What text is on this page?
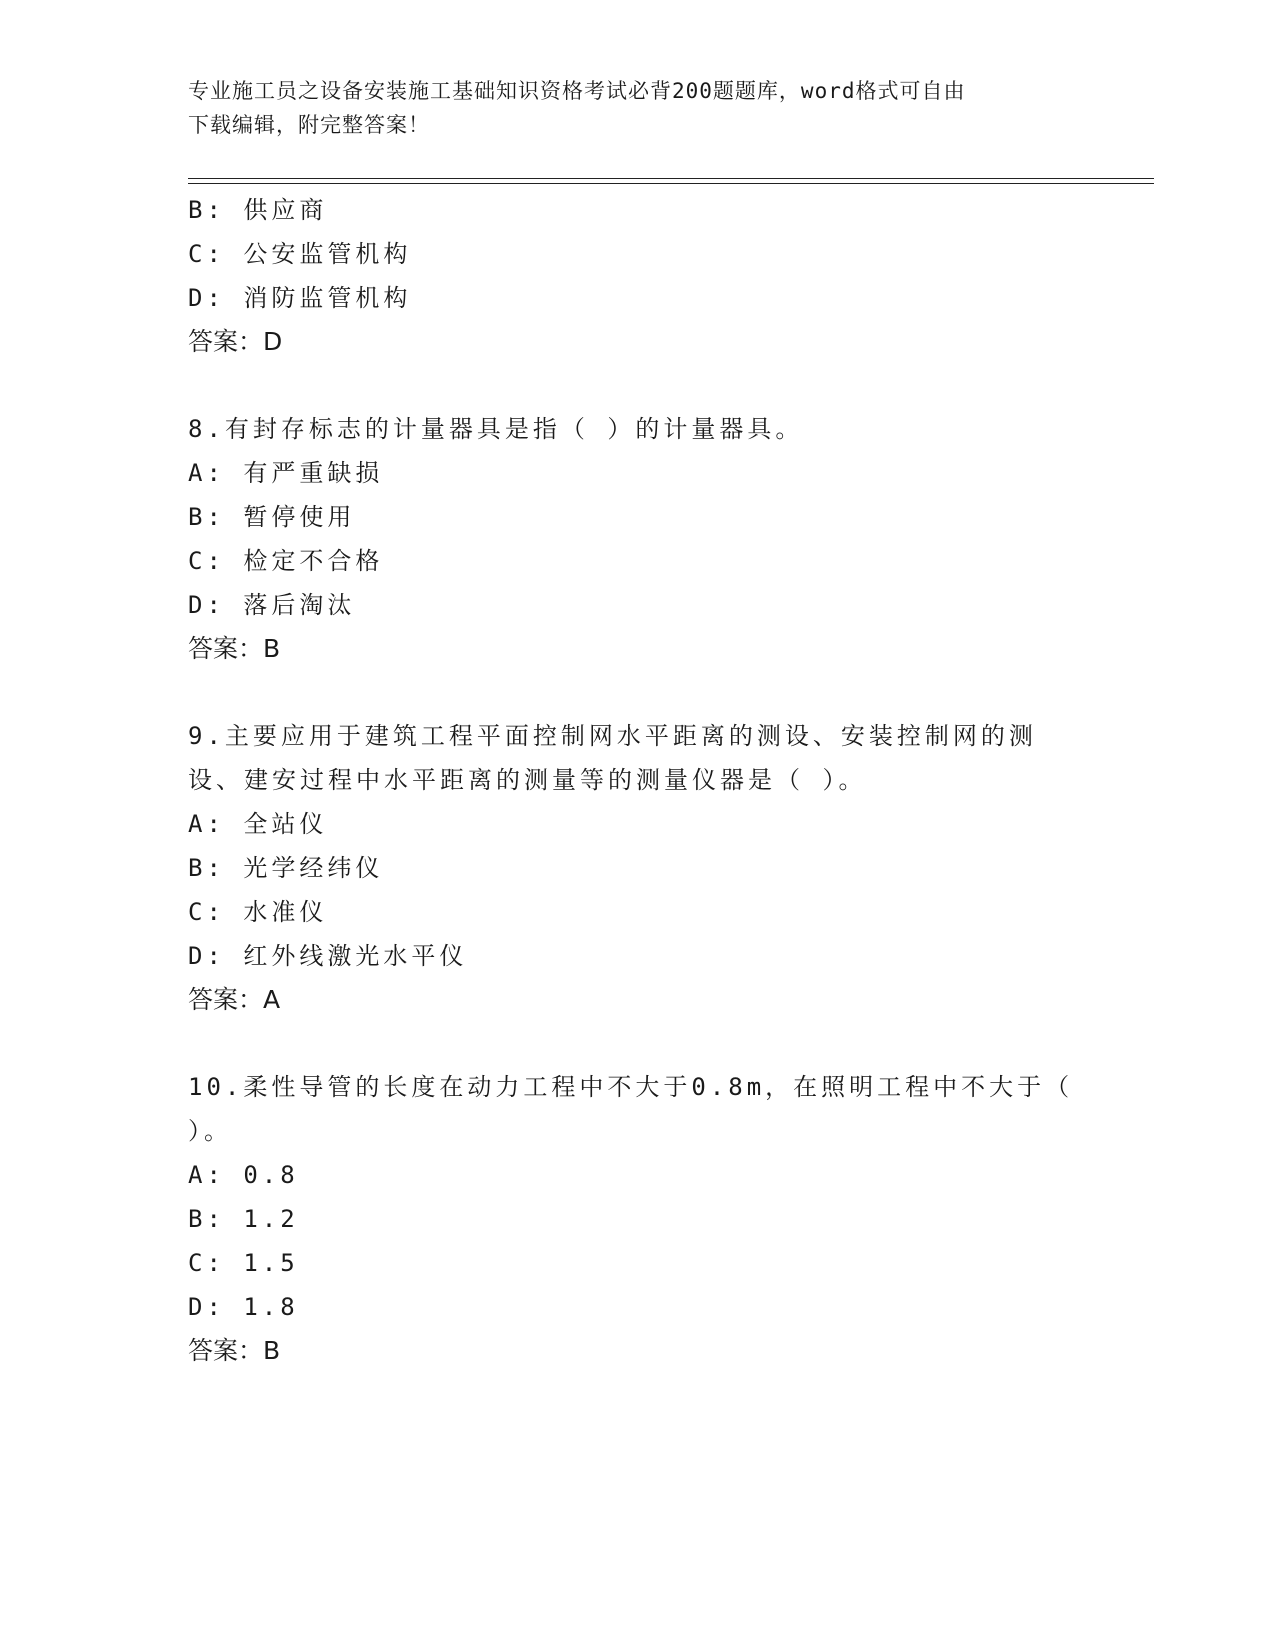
专业施工员之设备安装施工基础知识资格考试必背200题题库，word格式可自由
下载编辑，附完整答案！
B: 供应商
C: 公安监管机构
D: 消防监管机构
答案：D
8.有封存标志的计量器具是指（ ）的计量器具。
A: 有严重缺损
B: 暂停使用
C: 检定不合格
D: 落后淘汰
答案：B
9.主要应用于建筑工程平面控制网水平距离的测设、安装控制网的测
设、建安过程中水平距离的测量等的测量仪器是（ ）。
A: 全站仪
B: 光学经纬仪
C: 水准仪
D: 红外线激光水平仪
答案：A
10.柔性导管的长度在动力工程中不大于0.8m，在照明工程中不大于（
）。
A: 0.8
B: 1.2
C: 1.5
D: 1.8
答案：B
